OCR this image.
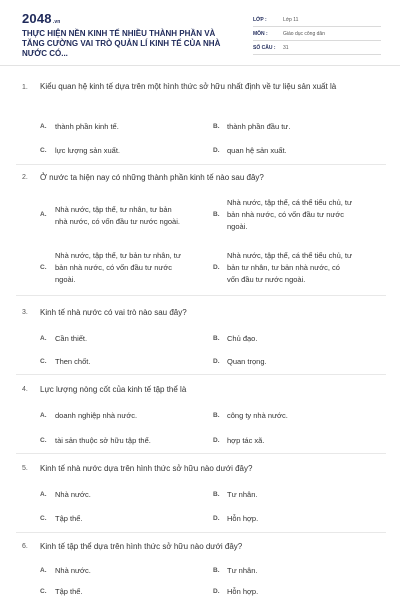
2048.vn
THỰC HIỆN NỀN KINH TẾ NHIỀU THÀNH PHẦN VÀ TĂNG CƯỜNG VAI TRÒ QUẢN LÍ KINH TẾ CỦA NHÀ NƯỚC CÓ...
LỚP :	Lớp 11
MÔN :	Giáo dục công dân
SỐ CÂU : 31
1. Kiểu quan hệ kinh tế dựa trên một hình thức sở hữu nhất định về tư liệu sản xuất là
A. thành phần kinh tế.	B. thành phần đầu tư.
C. lực lượng sản xuất.	D. quan hệ sản xuất.
2. Ở nước ta hiện nay có những thành phần kinh tế nào sau đây?
A.
Nhà nước, tập thể, tư nhân, tư bản
nhà nước, có vốn đầu tư nước ngoài.
B.
Nhà nước, tập thể, cá thể tiểu chủ, tư
bản nhà nước, có vốn đầu tư nước
ngoài.
C.
Nhà nước, tập thể, tư bản tư nhân, tư
bản nhà nước, có vốn đầu tư nước
ngoài.
D.
Nhà nước, tập thể, cá thể tiểu chủ, tư
bản tư nhân, tư bản nhà nước, có
vốn đầu tư nước ngoài.
3. Kinh tế nhà nước có vai trò nào sau đây?
A. Cần thiết.	B. Chủ đạo.
C. Then chốt.	D. Quan trọng.
4. Lực lượng nòng cốt của kinh tế tập thể là
A. doanh nghiệp nhà nước.	B. công ty nhà nước.
C. tài sản thuộc sở hữu tập thể.	D. hợp tác xã.
5. Kinh tế nhà nước dựa trên hình thức sở hữu nào dưới đây?
A. Nhà nước.	B. Tư nhân.
C. Tập thể.	D. Hỗn hợp.
6. Kinh tế tập thể dựa trên hình thức sở hữu nào dưới đây?
A. Nhà nước.	B. Tư nhân.
C. Tập thể.	D. Hỗn hợp.
